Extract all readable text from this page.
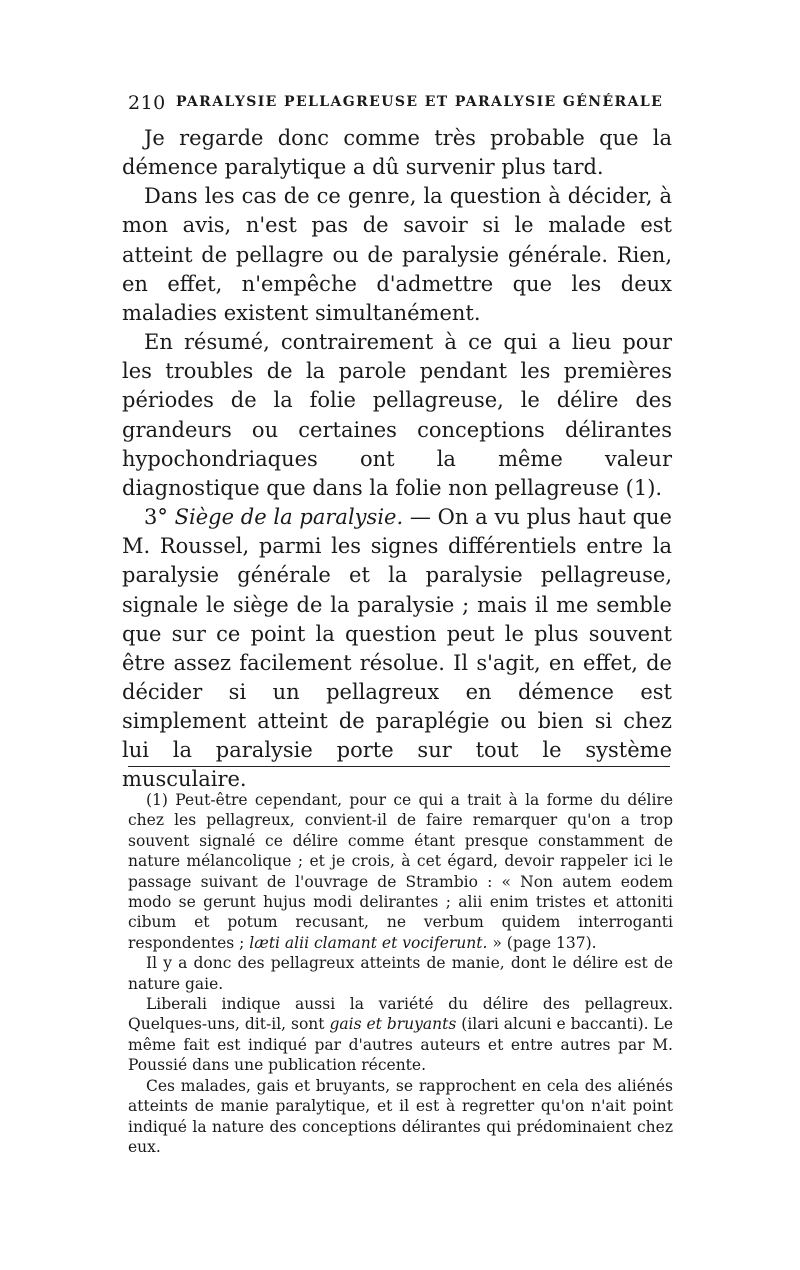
210 PARALYSIE PELLAGREUSE ET PARALYSIE GÉNÉRALE

Je regarde donc comme très probable que la démence paralytique a dû survenir plus tard.

Dans les cas de ce genre, la question à décider, à mon avis, n'est pas de savoir si le malade est atteint de pellagre ou de paralysie générale. Rien, en effet, n'empêche d'admettre que les deux maladies existent simultanément.

En résumé, contrairement à ce qui a lieu pour les troubles de la parole pendant les premières périodes de la folie pellagreuse, le délire des grandeurs ou certaines conceptions délirantes hypochondriaques ont la même valeur diagnostique que dans la folie non pellagreuse (1).

3° Siège de la paralysie. — On a vu plus haut que M. Roussel, parmi les signes différentiels entre la paralysie générale et la paralysie pellagreuse, signale le siège de la paralysie ; mais il me semble que sur ce point la question peut le plus souvent être assez facilement résolue. Il s'agit, en effet, de décider si un pellagreux en démence est simplement atteint de paraplégie ou bien si chez lui la paralysie porte sur tout le système musculaire.

(1) Peut-être cependant, pour ce qui a trait à la forme du délire chez les pellagreux, convient-il de faire remarquer qu'on a trop souvent signalé ce délire comme étant presque constamment de nature mélancolique ; et je crois, à cet égard, devoir rappeler ici le passage suivant de l'ouvrage de Strambio : « Non autem eodem modo se gerunt hujus modi delirantes ; alii enim tristes et attoniti cibum et potum recusant, ne verbum quidem interroganti respondentes ; læti alii clamant et vociferunt. » (page 137).

Il y a donc des pellagreux atteints de manie, dont le délire est de nature gaie.

Liberali indique aussi la variété du délire des pellagreux. Quelques-uns, dit-il, sont gais et bruyants (ilari alcuni e baccanti). Le même fait est indiqué par d'autres auteurs et entre autres par M. Poussié dans une publication récente.

Ces malades, gais et bruyants, se rapprochent en cela des aliénés atteints de manie paralytique, et il est à regretter qu'on n'ait point indiqué la nature des conceptions délirantes qui prédominaient chez eux.
